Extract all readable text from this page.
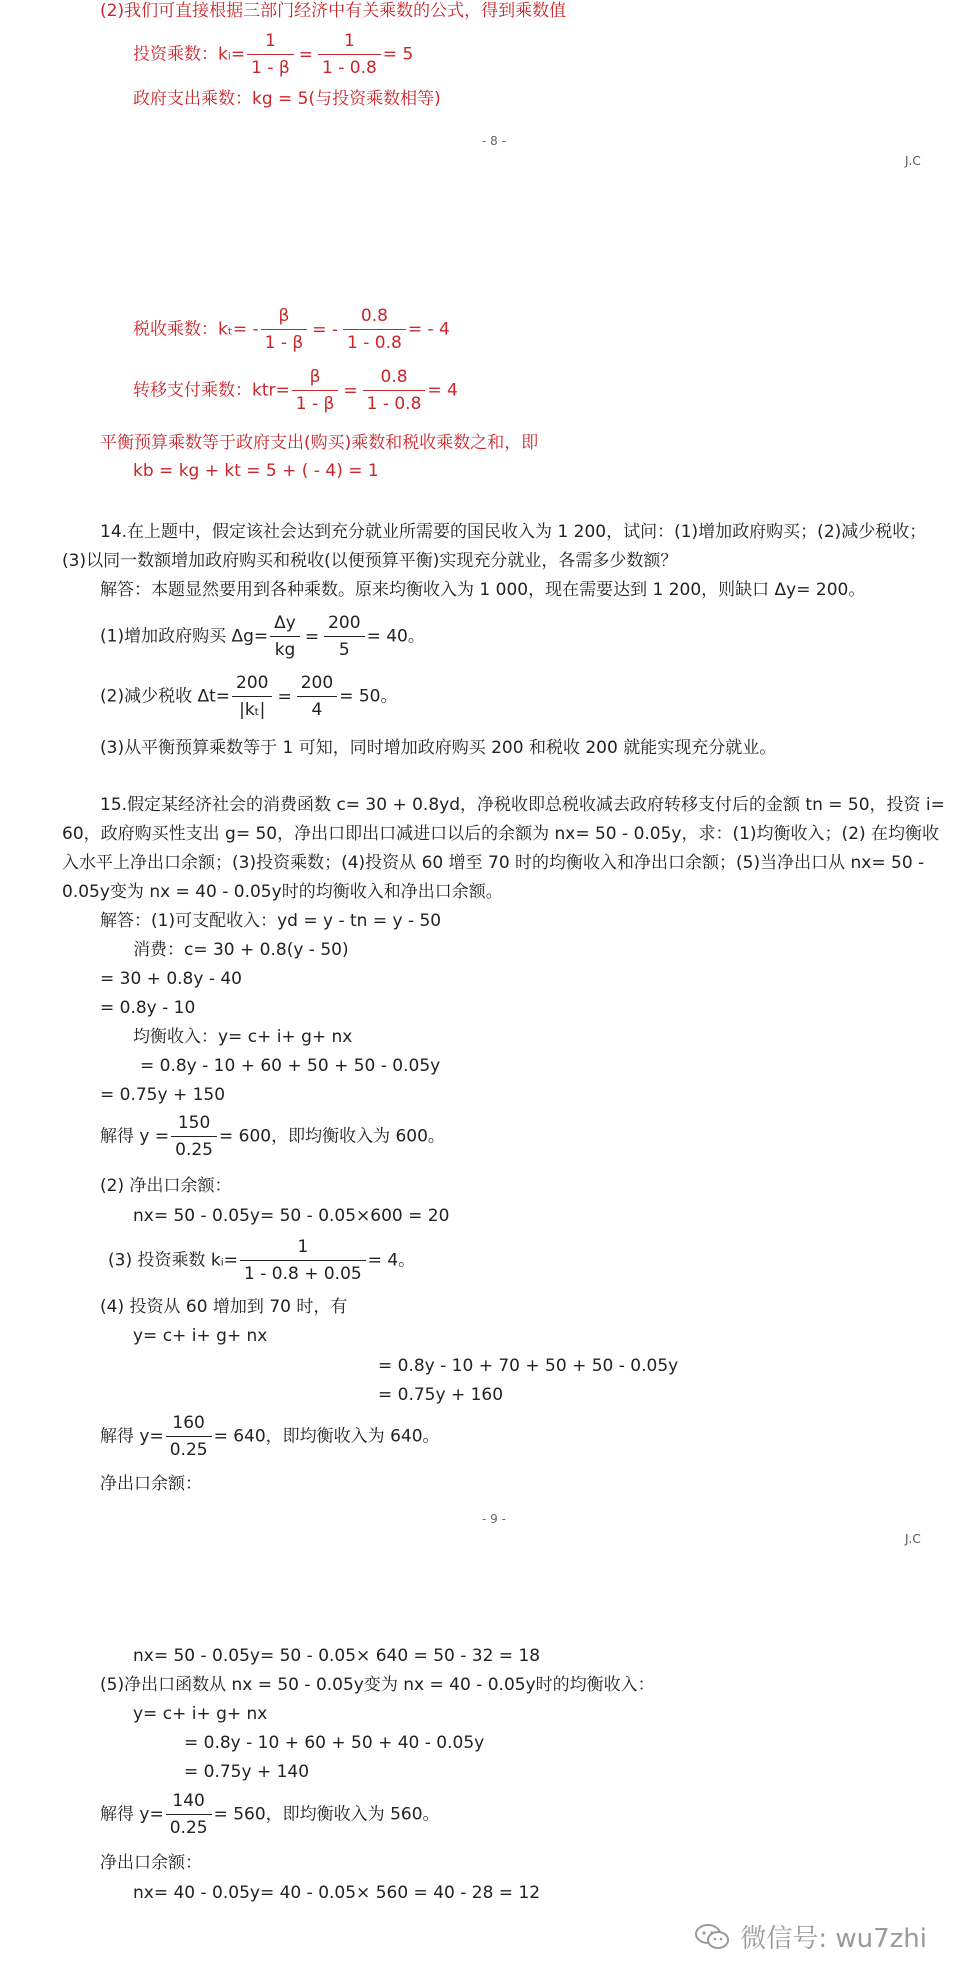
(2)我们可直接根据三部门经济中有关乘数的公式，得到乘数值
投资乘数：kᵢ= $\frac{1}{1 - \beta} = \frac{1}{1 - 0.8} = 5$
政府支出乘数：kg = 5(与投资乘数相等)
- 8 -
J.C
税收乘数：$k_t= - \frac{\beta}{1 - \beta}$ = - $\frac{0.8}{1 - 0.8}$ = - 4
转移支付乘数：$ktr= \frac{\beta}{1 - \beta} = \frac{0.8}{1 - 0.8} = 4$
平衡预算乘数等于政府支出(购买)乘数和税收乘数之和，即
kb = kg + kt = 5 + ( - 4) = 1
14.在上题中，假定该社会达到充分就业所需要的国民收入为 1 200，试问：(1)增加政府购买；(2)减少税收；
(3)以同一数额增加政府购买和税收(以便预算平衡)实现充分就业，各需多少数额？
解答：本题显然要用到各种乘数。原来均衡收入为 1 000，现在需要达到 1 200，则缺口 Δy= 200。
(1)增加政府购买 $\Delta g= \frac{\Delta y}{kg} = \frac{200}{5} = 40$。
(2)减少税收 $\Delta t= \frac{200}{\text{|kₜ|}} = \frac{200}{4} = 50$。
(3)从平衡预算乘数等于 1 可知，同时增加政府购买 200 和税收 200 就能实现充分就业。
15.假定某经济社会的消费函数 c= 30 + 0.8yd，净税收即总税收减去政府转移支付后的金额 tn = 50，投资 i=
60，政府购买性支出 g= 50，净出口即出口减进口以后的余额为 nx= 50 - 0.05y，求：(1)均衡收入；(2) 在均衡收
入水平上净出口余额；(3)投资乘数；(4)投资从 60 增至 70 时的均衡收入和净出口余额；(5)当净出口从 nx= 50 -
0.05y变为 nx = 40 - 0.05y时的均衡收入和净出口余额。
解答：(1)可支配收入：yd = y - tn = y - 50
消费：c= 30 + 0.8(y - 50)
= 30 + 0.8y - 40
= 0.8y - 10
均衡收入：y= c+ i+ g+ nx
= 0.8y - 10 + 60 + 50 + 50 - 0.05y
= 0.75y + 150
解得 $y = \frac{150}{0.25} = 600$，即均衡收入为 600。
(2) 净出口余额：
nx= 50 - 0.05y= 50 - 0.05×600 = 20
(3) 投资乘数 kᵢ= $\frac{1}{1 - 0.8 + 0.05} = 4$。
(4) 投资从 60 增加到 70 时，有
y= c+ i+ g+ nx
= 0.8y - 10 + 70 + 50 + 50 - 0.05y
= 0.75y + 160
解得 $y= \frac{160}{0.25} = 640$，即均衡收入为 640。
净出口余额：
- 9 -
J.C
nx= 50 - 0.05y= 50 - 0.05× 640 = 50 - 32 = 18
(5)净出口函数从 nx = 50 - 0.05y变为 nx = 40 - 0.05y时的均衡收入：
y= c+ i+ g+ nx
= 0.8y - 10 + 60 + 50 + 40 - 0.05y
= 0.75y + 140
解得 $y= \frac{140}{0.25} = 560$，即均衡收入为 560。
净出口余额：
nx= 40 - 0.05y= 40 - 0.05× 560 = 40 - 28 = 12
微信号: wu7zhi
